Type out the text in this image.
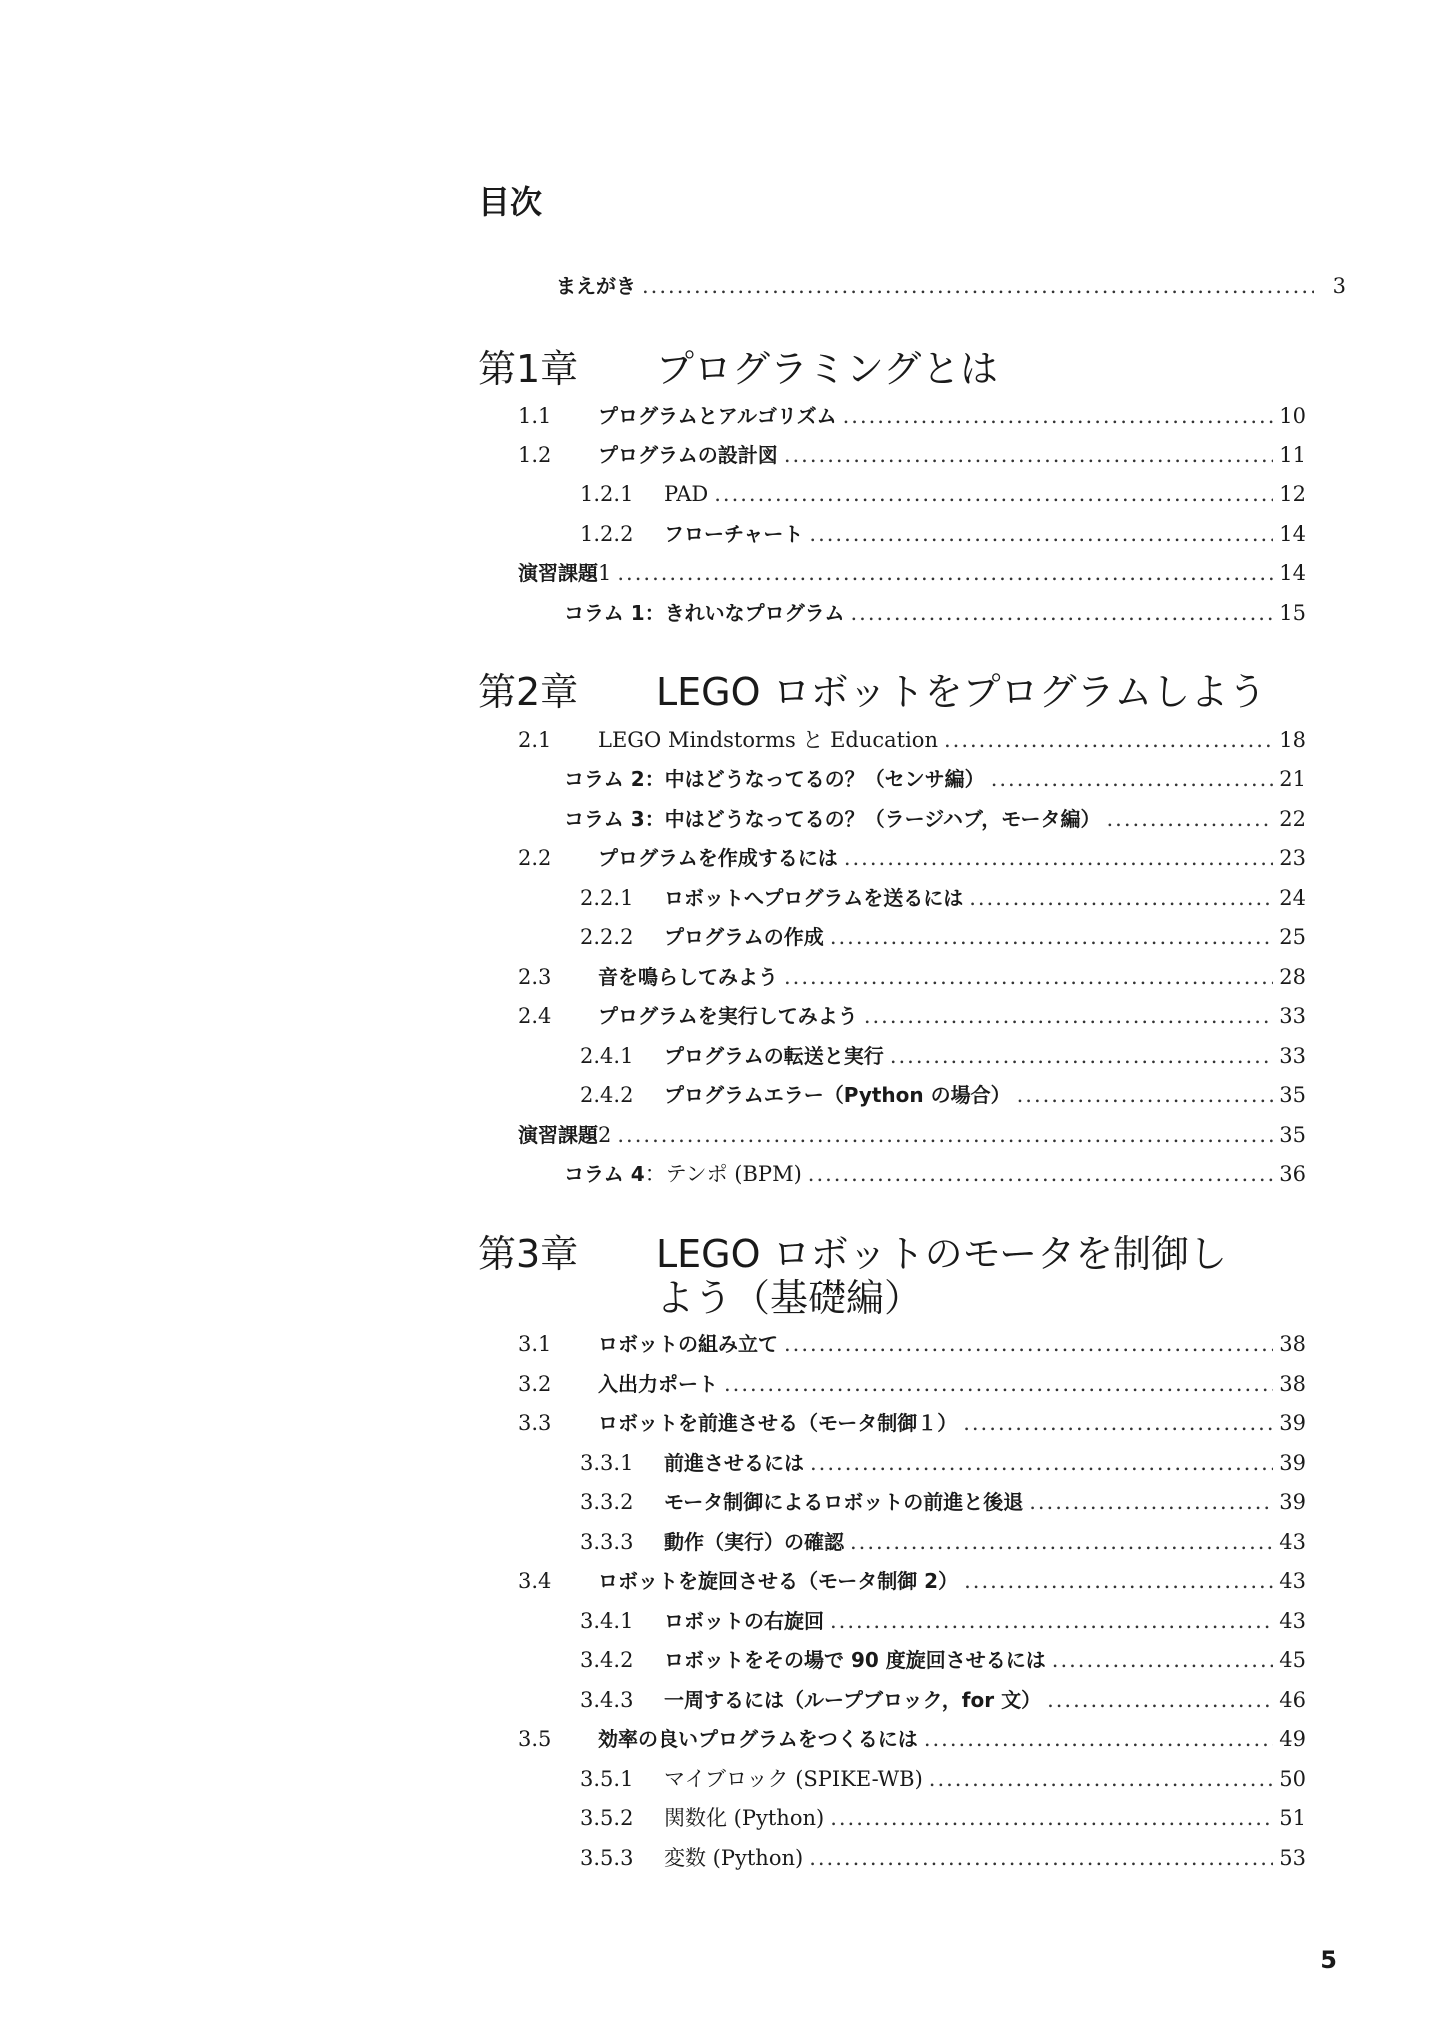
目次
まえがき .....	3
第1章	プログラミングとは
1.1	プログラムとアルゴリズム .....	10
1.2	プログラムの設計図 .....	11
1.2.1	PAD .....	12
1.2.2	フローチャート .....	14
演習課題 1 .....	14
コラム 1 ：きれいなプログラム .....	15
第2章	LEGO ロボットをプログラムしよう
2.1	LEGO Mindstorms と Education .....	18
コラム 2 ：中はどうなってるの？（センサ編） .....	21
コラム 3 ：中はどうなってるの？（ラージハブ，モータ編） .....	22
2.2	プログラムを作成するには .....	23
2.2.1	ロボットへプログラムを送るには .....	24
2.2.2	プログラムの作成 .....	25
2.3	音を鳴らしてみよう .....	28
2.4	プログラムを実行してみよう .....	33
2.4.1	プログラムの転送と実行 .....	33
2.4.2	プログラムエラー（Python の場合） .....	35
演習課題 2 .....	35
コラム 4 ：テンポ (BPM) .....	36
第3章	LEGO ロボットのモータを制御し
よう（基礎編）
3.1	ロボットの組み立て .....	38
3.2	入出力ポート .....	38
3.3	ロボットを前進させる（モータ制御１） .....	39
3.3.1	前進させるには .....	39
3.3.2	モータ制御によるロボットの前進と後退 .....	39
3.3.3	動作（実行）の確認 .....	43
3.4	ロボットを旋回させる（モータ制御 2） .....	43
3.4.1	ロボットの右旋回 .....	43
3.4.2	ロボットをその場で 90 度旋回させるには .....	45
3.4.3	一周するには（ループブロック，for 文） .....	46
3.5	効率の良いプログラムをつくるには .....	49
3.5.1	マイブロック (SPIKE-WB) .....	50
3.5.2	関数化 (Python) .....	51
3.5.3	変数 (Python) .....	53
5
